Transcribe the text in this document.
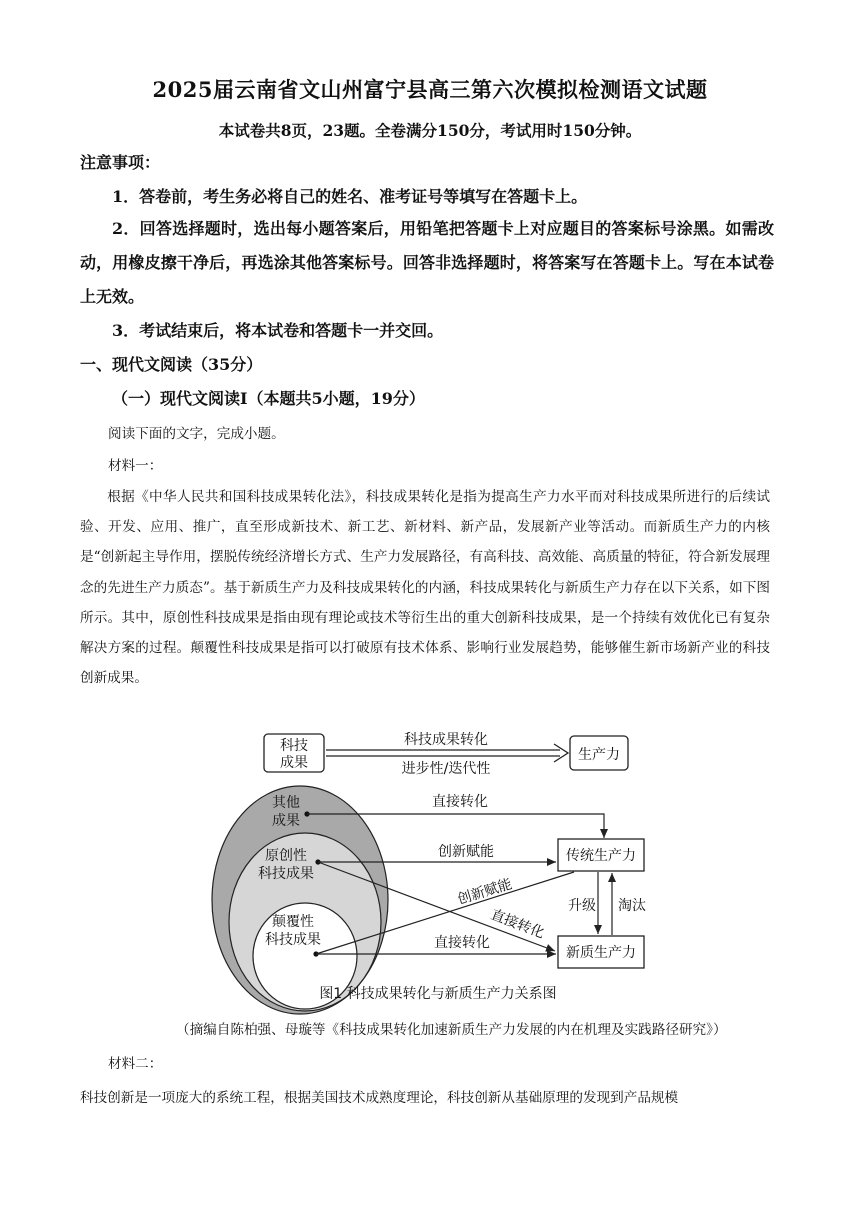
2025届云南省文山州富宁县高三第六次模拟检测语文试题
本试卷共8页，23题。全卷满分150分，考试用时150分钟。
注意事项：
1．答卷前，考生务必将自己的姓名、准考证号等填写在答题卡上。
2．回答选择题时，选出每小题答案后，用铅笔把答题卡上对应题目的答案标号涂黑。如需改动，用橡皮擦干净后，再选涂其他答案标号。回答非选择题时，将答案写在答题卡上。写在本试卷上无效。
3．考试结束后，将本试卷和答题卡一并交回。
一、现代文阅读（35分）
（一）现代文阅读Ⅰ（本题共5小题，19分）
阅读下面的文字，完成小题。
材料一：
根据《中华人民共和国科技成果转化法》，科技成果转化是指为提高生产力水平而对科技成果所进行的后续试验、开发、应用、推广，直至形成新技术、新工艺、新材料、新产品，发展新产业等活动。而新质生产力的内核是“创新起主导作用，摆脱传统经济增长方式、生产力发展路径，有高科技、高效能、高质量的特征，符合新发展理念的先进生产力质态”。基于新质生产力及科技成果转化的内涵，科技成果转化与新质生产力存在以下关系，如下图所示。其中，原创性科技成果是指由现有理论或技术等衍生出的重大创新科技成果，是一个持续有效优化已有复杂解决方案的过程。颠覆性科技成果是指可以打破原有技术体系、影响行业发展趋势，能够催生新市场新产业的科技创新成果。
科技
成果
科技成果转化
进步性/迭代性
生产力
其他
成果
原创性
科技成果
颠覆性
科技成果
传统生产力
新质生产力
直接转化
创新赋能
创新赋能
直接转化
直接转化
升级 淘汰
图1 科技成果转化与新质生产力关系图
（摘编自陈柏强、母璇等《科技成果转化加速新质生产力发展的内在机理及实践路径研究》）
材料二：
科技创新是一项庞大的系统工程，根据美国技术成熟度理论，科技创新从基础原理的发现到产品规模
